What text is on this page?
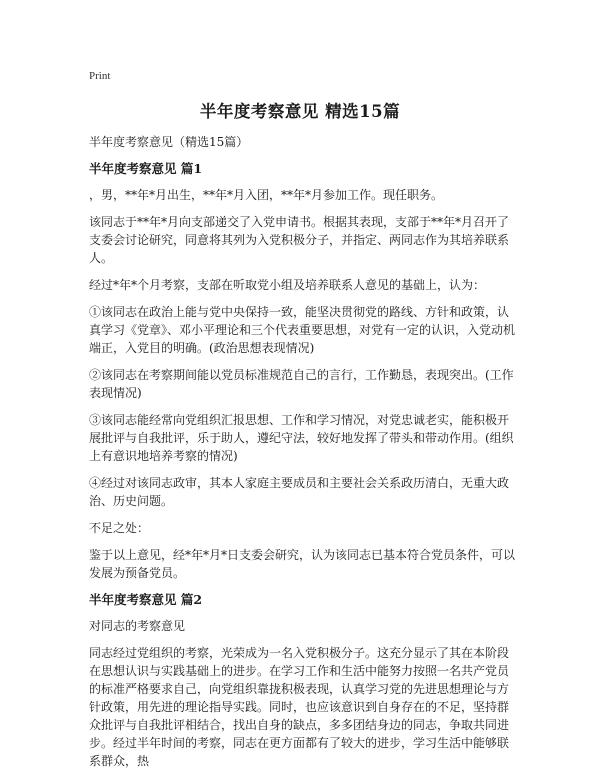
Print
半年度考察意见 精选15篇

半年度考察意见（精选15篇）

半年度考察意见 篇1

，男，**年*月出生，**年*月入团，**年*月参加工作。现任职务。

该同志于**年*月向支部递交了入党申请书。根据其表现，支部于**年*月召开了支委会讨论研究，同意将其列为入党积极分子，并指定、两同志作为其培养联系人。

经过*年*个月考察，支部在听取党小组及培养联系人意见的基础上，认为：

①该同志在政治上能与党中央保持一致，能坚决贯彻党的路线、方针和政策，认真学习《党章》、邓小平理论和三个代表重要思想，对党有一定的认识，入党动机端正，入党目的明确。(政治思想表现情况)

②该同志在考察期间能以党员标准规范自己的言行，工作勤恳，表现突出。(工作表现情况)

③该同志能经常向党组织汇报思想、工作和学习情况，对党忠诚老实，能积极开展批评与自我批评，乐于助人，遵纪守法，较好地发挥了带头和带动作用。(组织上有意识地培养考察的情况)

④经过对该同志政审，其本人家庭主要成员和主要社会关系政历清白，无重大政治、历史问题。

不足之处：

鉴于以上意见，经*年*月*日支委会研究，认为该同志已基本符合党员条件，可以发展为预备党员。

半年度考察意见 篇2

对同志的考察意见

同志经过党组织的考察，光荣成为一名入党积极分子。这充分显示了其在本阶段在思想认识与实践基础上的进步。在学习工作和生活中能努力按照一名共产党员的标准严格要求自己，向党组织靠拢积极表现，认真学习党的先进思想理论与方针政策，用先进的理论指导实践。同时，也应该意识到自身存在的不足，坚持群众批评与自我批评相结合，找出自身的缺点，多多团结身边的同志，争取共同进步。经过半年时间的考察，同志在更方面都有了较大的进步，学习生活中能够联系群众，热
